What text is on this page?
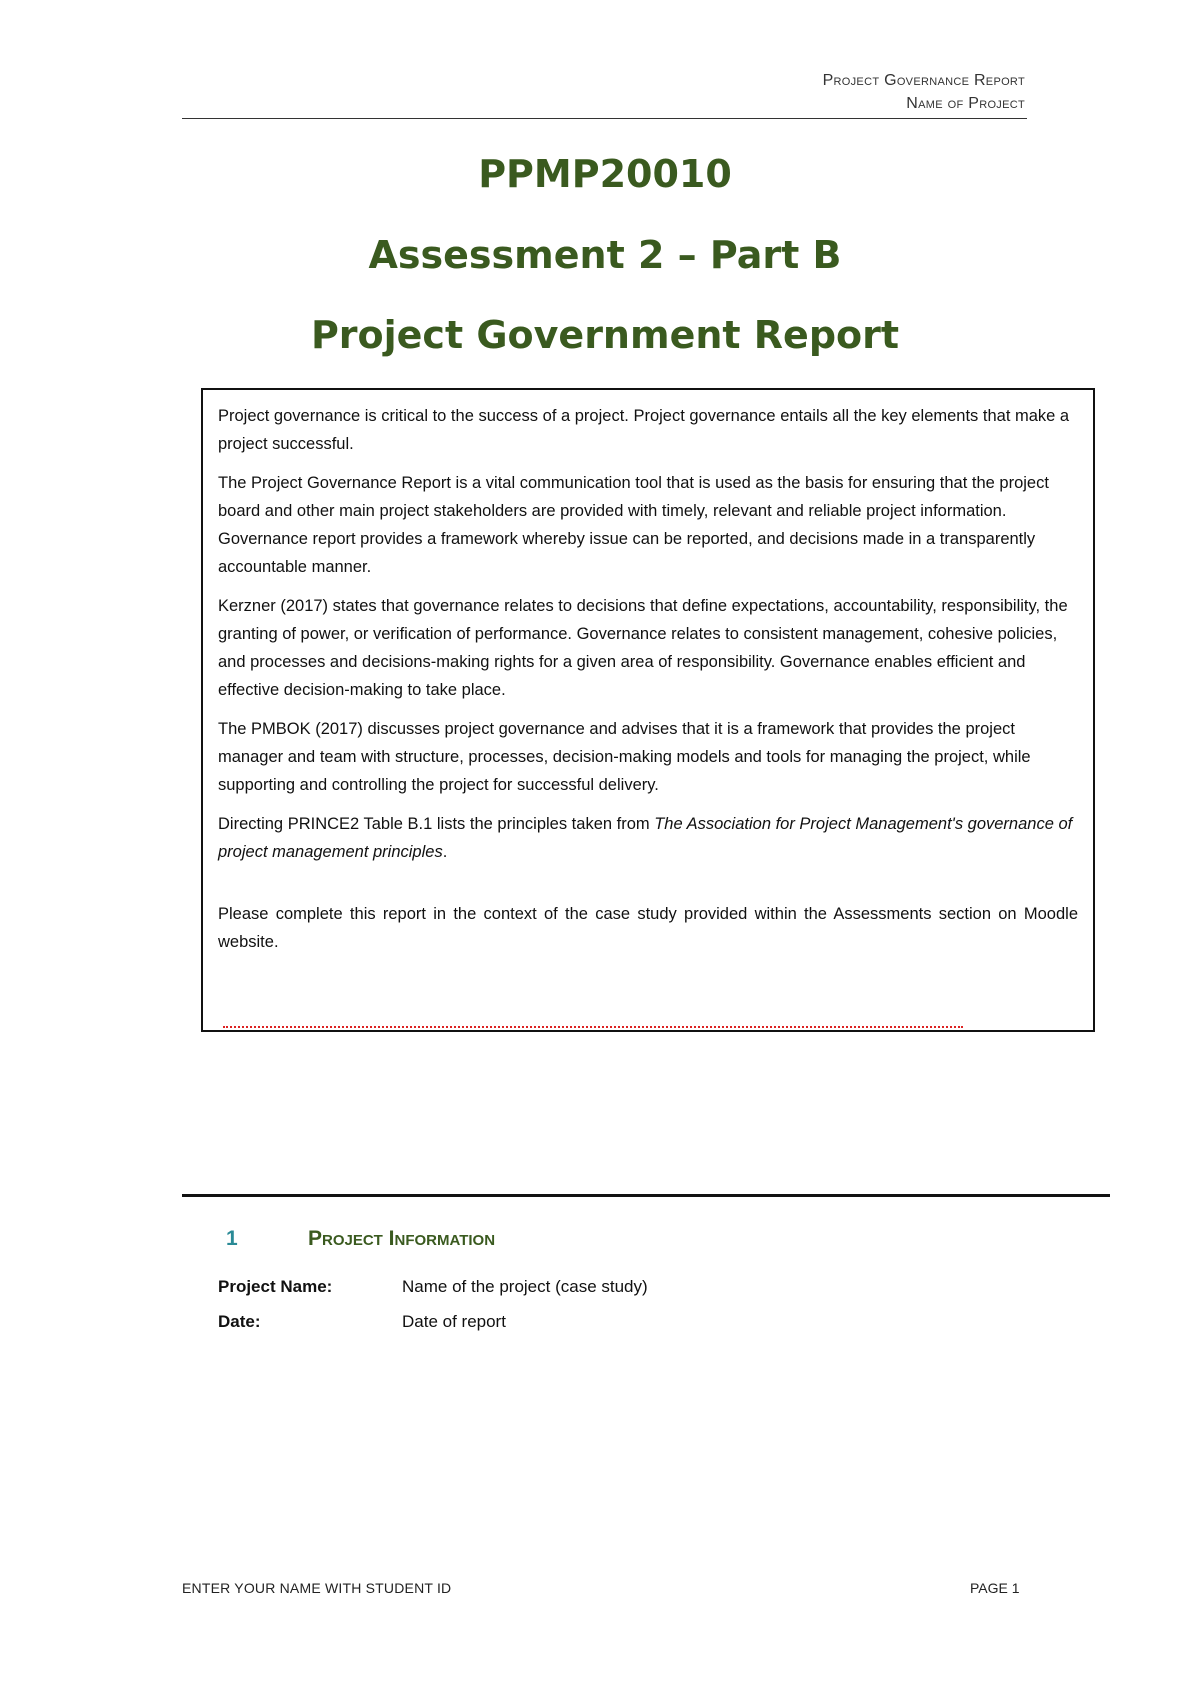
Project Governance Report
Name of Project
PPMP20010
Assessment 2 – Part B
Project Government Report

Project governance is critical to the success of a project. Project governance entails all the key elements that make a project successful.

The Project Governance Report is a vital communication tool that is used as the basis for ensuring that the project board and other main project stakeholders are provided with timely, relevant and reliable project information. Governance report provides a framework whereby issue can be reported, and decisions made in a transparently accountable manner.

Kerzner (2017) states that governance relates to decisions that define expectations, accountability, responsibility, the granting of power, or verification of performance. Governance relates to consistent management, cohesive policies, and processes and decisions-making rights for a given area of responsibility. Governance enables efficient and effective decision-making to take place.

The PMBOK (2017) discusses project governance and advises that it is a framework that provides the project manager and team with structure, processes, decision-making models and tools for managing the project, while supporting and controlling the project for successful delivery.

Directing PRINCE2 Table B.1 lists the principles taken from The Association for Project Management's governance of project management principles.

Please complete this report in the context of the case study provided within the Assessments section on Moodle website.

1	Project Information
Project Name:	Name of the project (case study)
Date:	Date of report
ENTER YOUR NAME WITH STUDENT ID	PAGE 1
